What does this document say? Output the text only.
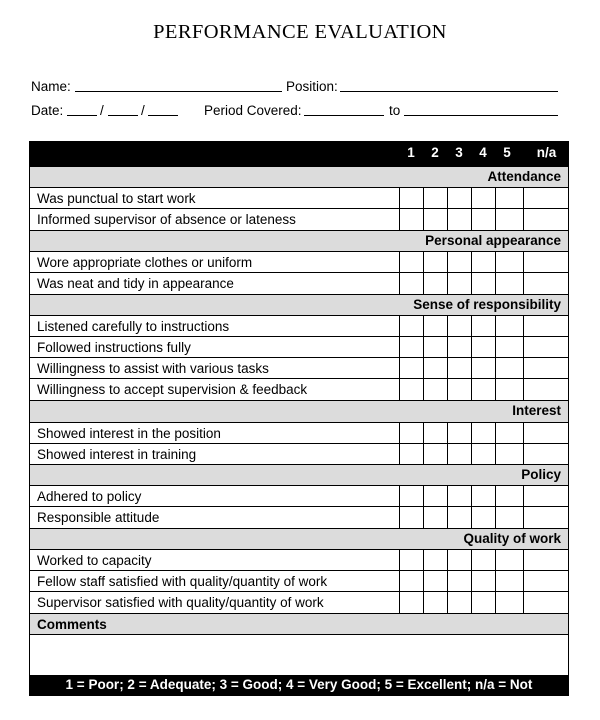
PERFORMANCE EVALUATION
Name:	Position:
Date:	/	/	Period Covered:	to
1	2	3	4	5	n/a
Attendance
Was punctual to start work
Informed supervisor of absence or lateness
Personal appearance
Wore appropriate clothes or uniform
Was neat and tidy in appearance
Sense of responsibility
Listened carefully to instructions
Followed instructions fully
Willingness to assist with various tasks
Willingness to accept supervision & feedback
Interest
Showed interest in the position
Showed interest in training
Policy
Adhered to policy
Responsible attitude
Quality of work
Worked to capacity
Fellow staff satisfied with quality/quantity of work
Supervisor satisfied with quality/quantity of work
Comments
1 = Poor; 2 = Adequate; 3 = Good; 4 = Very Good; 5 = Excellent; n/a = Not Applicable
